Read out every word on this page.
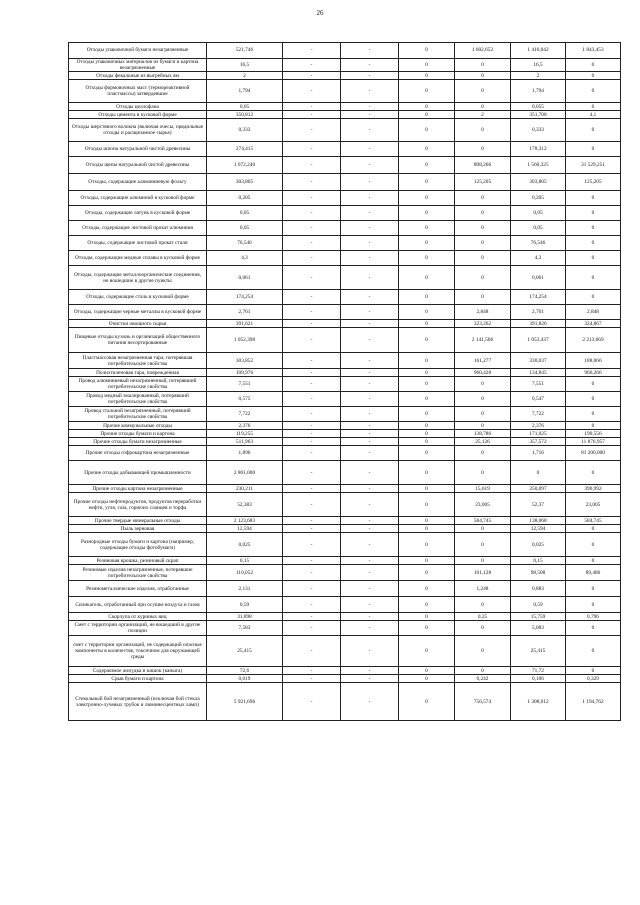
26
Отходы упаковочной бумаги незагрязненные	521,746	-	-	0	1 602,652	1 416,042	1 843,453
Отходы упаковочных материалов из бумаги и картона незагрязненные	16,5	-	-	0	0	16,5	0
Отходы фекальные из выгребных ям	2	-	-	0	0	2	0
Отходы формовочных масс (термореактивной пластмассы) затвердевшие	1,794	-	-	0	0	1,794	0
Отходы целлофана	0,05	-	-	0	0	0,055	0
Отходы цемента в кусковой форме	350,812	-	-	0	2	351,708	4,1
Отходы шерстяного волокна (включая очесы, прядильные отходы и расщипанное сырье)	0,333	-	-	0	0	0,333	0
Отходы шпона натуральной чистой древесины	274,415	-	-	0	0	178,312	0
Отходы щепы натуральной чистой древесины	1 072,240	-	-	0	808,266	1 560,325	31 529,251
Отходы, содержащие алюминиевую фольгу	303,805	-	-	0	125,205	303,805	125,205
Отходы, содержащие алюминий в кусковой форме	0,205	-	-	0	0	0,205	0
Отходы, содержащие латунь в кусковой форме	0,05	-	-	0	0	0,05	0
Отходы, содержащие листовой прокат алюминия	0,05	-	-	0	0	0,05	0
Отходы, содержащие листовой прокат стали	76,546	-	-	0	0	76,546	0
Отходы, содержащие медные сплавы в кусковой форме	4,3	-	-	0	0	4,3	0
Отходы, содержащие металлоорганические соединения, не вошедшие в другие пункты	0,061	-	-	0	0	0,061	0
Отходы, содержащие сталь в кусковой форме	174,254	-	-	0	0	174,254	0
Отходы, содержащие черные металлы в кусковой форме	2,761	-	-	0	2,848	2,761	2,848
Очистки овощного сырья	391,621	-	-	0	323,262	391,826	324,867
Пищевые отходы кухонь и организаций общественного питания несортированные	1 052,398	-	-	0	2 141,506	1 053,437	2 213,669
Пластмассовая незагрязненная тара, потерявшая потребительские свойства	303,852	-	-	0	161,277	330,037	188,066
Полиэтиленовая тара, поврежденная	109,976	-	-	0	960,428	134,845	966,266
Провод алюминиевый незагрязненный, потерявший потребительские свойства	7,551	-	-	0	0	7,551	0
Провод медный эмалированный, потерявший потребительские свойства	0,575	-	-	0	0	0,547	0
Провод стальной незагрязненный, потерявший потребительские свойства	7,722	-	-	0	0	7,722	0
Прочие коммунальные отходы	2,376	-	-	0	0	2,376	0
Прочие отходы бумаги и картона	119,255	-	-	0	138,786	171,025	190,556
Прочие отходы бумаги незагрязненные	511,963	-	-	0	25,126	357,572	11 876,957
Прочие отходы гофрокартона незагрязненные	1,896	-	-	0	0	1,716	81 200,000
Прочие отходы добывающей промышленности	2 861,000	-	-	0	0	0	0
Прочие отходы картона незагрязненные	230,211	-	-	0	15,619	250,097	390,992
Прочие отходы нефтепродуктов, продуктов переработки нефти, угля, газа, горючих сланцев и торфа	52,383	-	-	0	23,005	52,37	23,005
Прочие твердые минеральные отходы	2 123,683	-	-	0	584,745	138,068	584,745
Пыль зерновая	12,594	-	-	0	0	12,594	0
Разнородные отходы бумаги и картона (например, содержащие отходы фотобумаги)	0,025	-	-	0	0	0,025	0
Резиновая крошка, резиновый скрап	0,15	-	-	0	0	0,15	0
Резиновые изделия незагрязненные, потерявшие потребительские свойства	110,052	-	-	0	101,128	98,508	89,486
Резинометаллические изделия, отработанные	2,131	-	-	0	1,248	0,883	0
Силикагель, отработанный при осушке воздуха и газов	0,59	-	-	0	0	0,59	0
Скорлупа от куриных яиц	31,898	-	-	0	0,25	15,759	0,796
Смет с территории организаций, не вошедший в другие позиции	7,583	-	-	0	0	5,083	0
смет с территории организаций, не содержащий опасные компоненты в количестве, токсичном для окружающей среды	25,415	-	-	0	0	25,415	0
Содержимое желудка и кишок (каныга)	72,6	-	-	0	0	71,72	0
Срыв бумаги и картона	0,019	-	-	0	0,242	0,106	0,329
Стекольный бой незагрязненный (исключая бой стекла электронно-лучевых трубок и люминесцентных ламп)	5 921,696	-	-	0	756,574	1 308,012	1 194,762
